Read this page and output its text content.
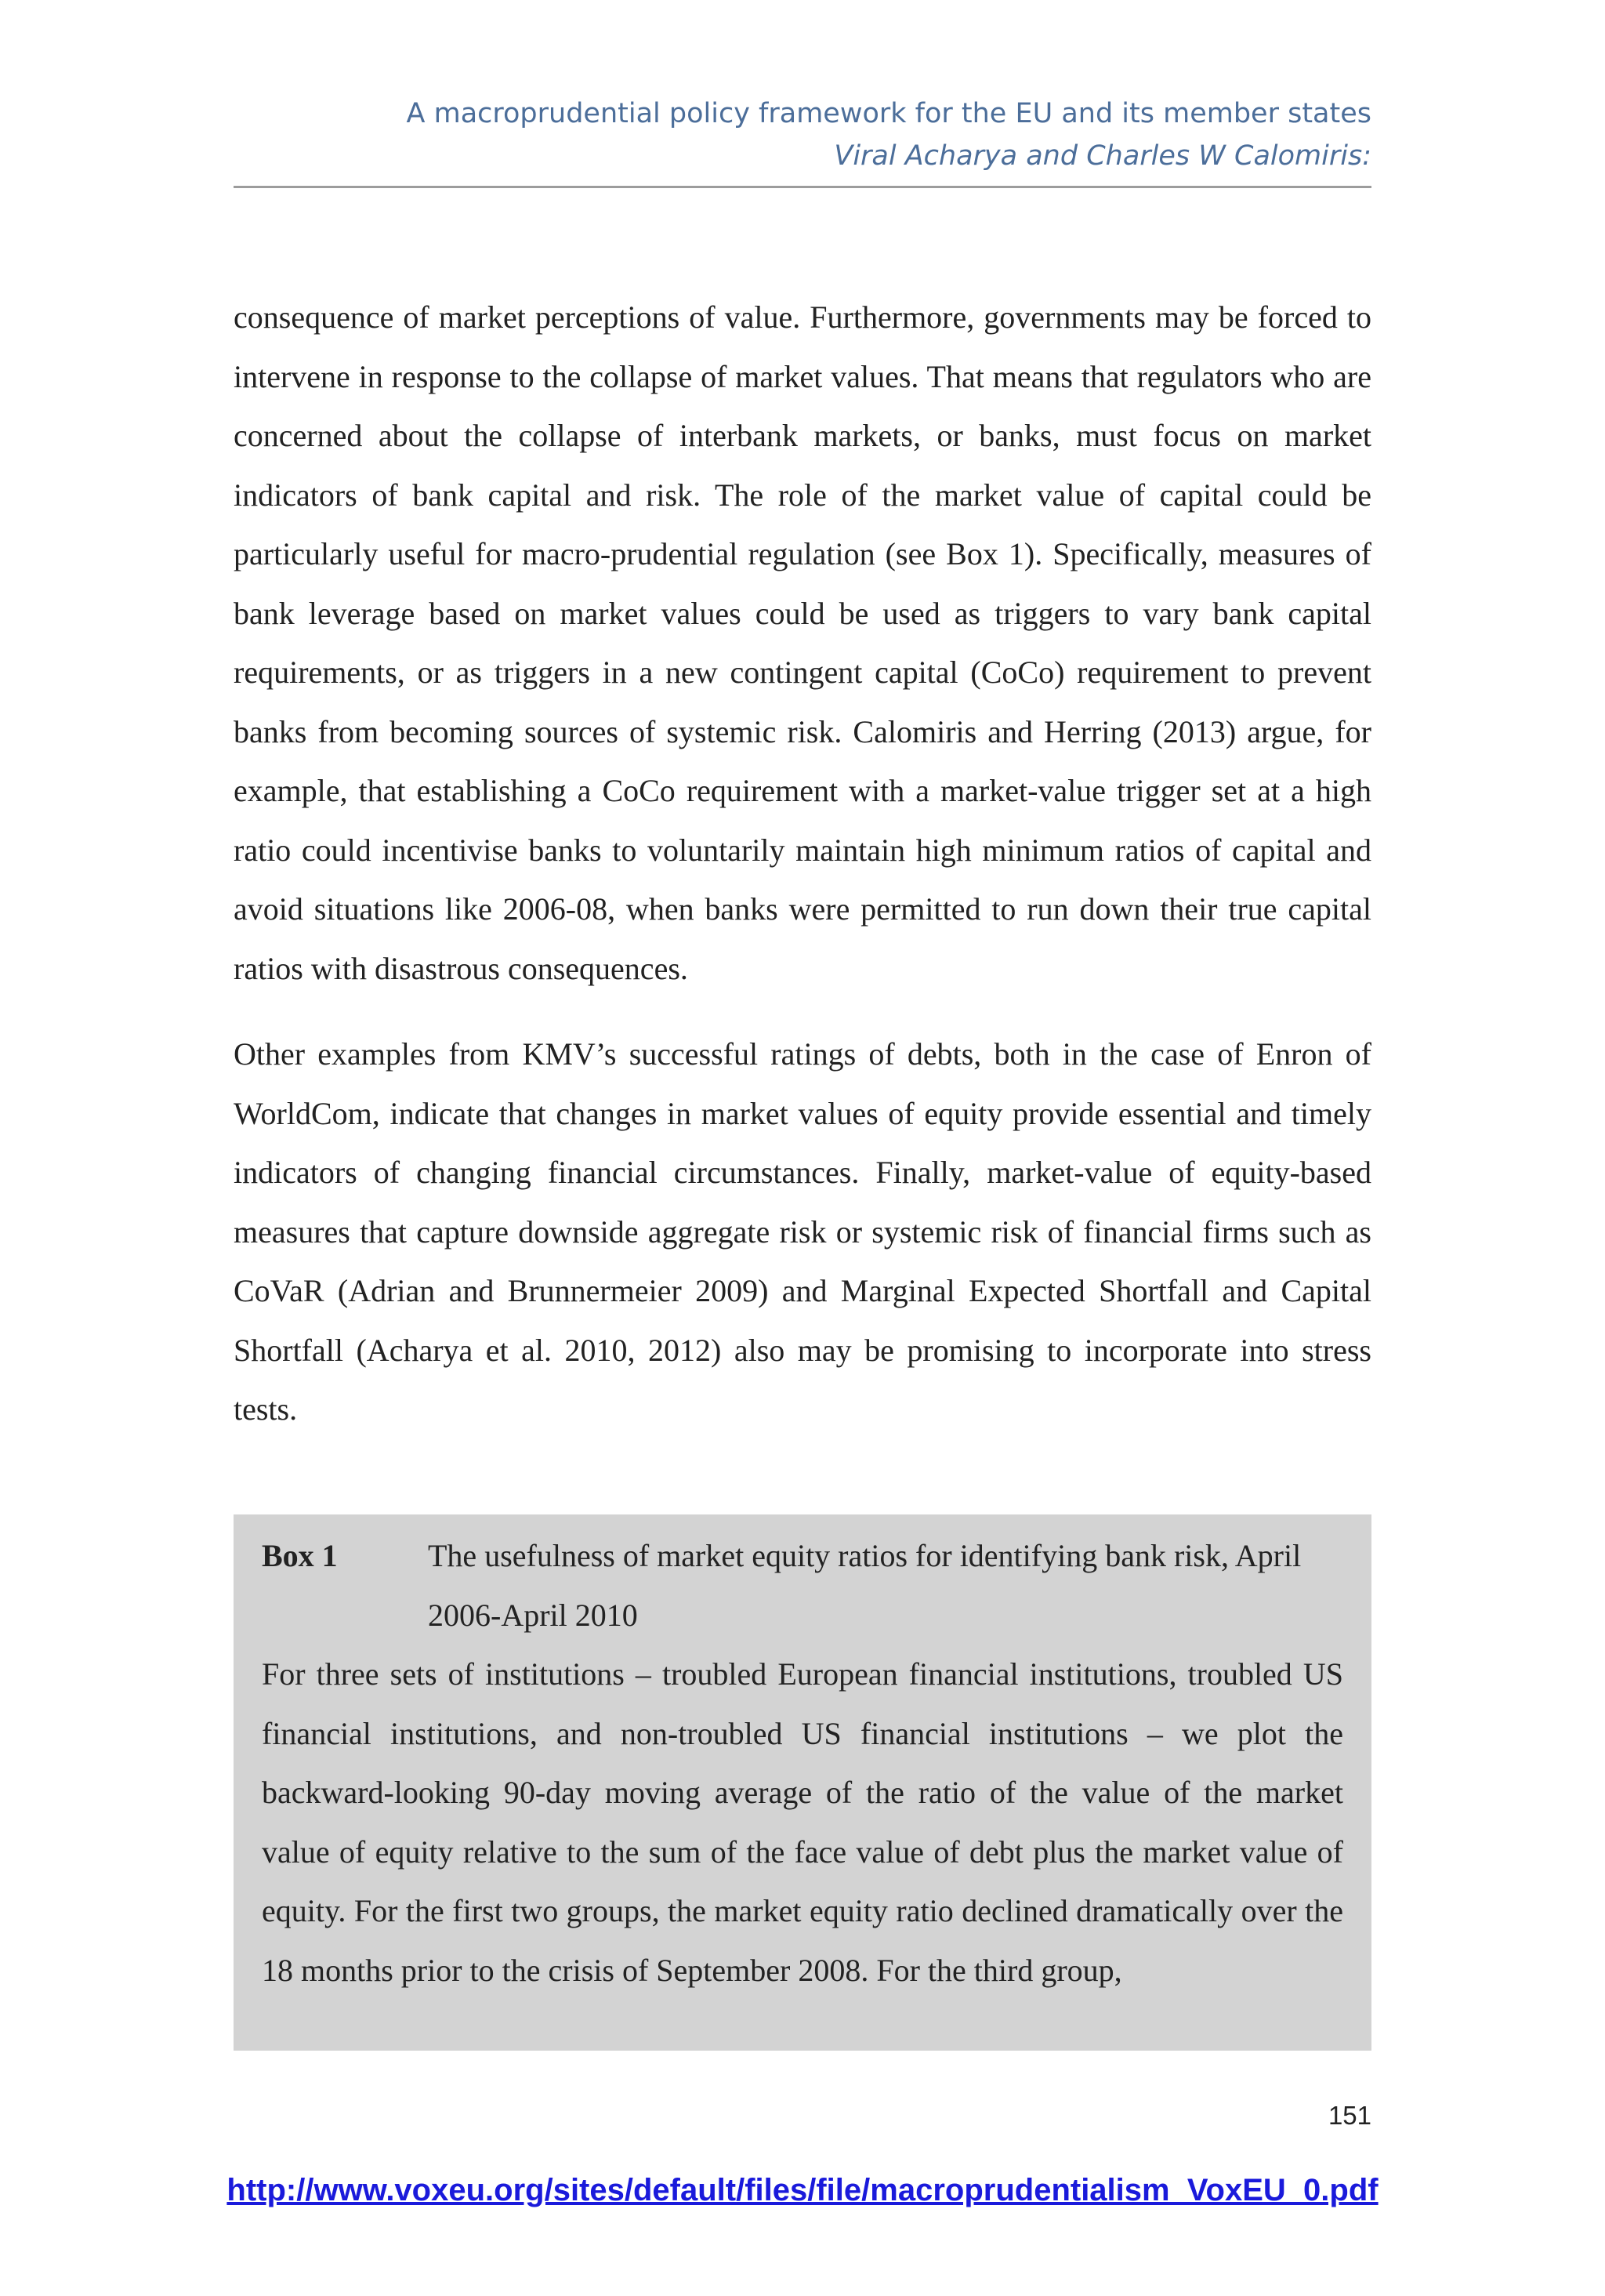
A macroprudential policy framework for the EU and its member states
Viral Acharya and Charles W Calomiris:

consequence of market perceptions of value. Furthermore, governments may be forced to intervene in response to the collapse of market values. That means that regulators who are concerned about the collapse of interbank markets, or banks, must focus on market indicators of bank capital and risk. The role of the market value of capital could be particularly useful for macro-prudential regulation (see Box 1). Specifically, measures of bank leverage based on market values could be used as triggers to vary bank capital requirements, or as triggers in a new contingent capital (CoCo) requirement to prevent banks from becoming sources of systemic risk. Calomiris and Herring (2013) argue, for example, that establishing a CoCo requirement with a market-value trigger set at a high ratio could incentivise banks to voluntarily maintain high minimum ratios of capital and avoid situations like 2006-08, when banks were permitted to run down their true capital ratios with disastrous consequences.

Other examples from KMV’s successful ratings of debts, both in the case of Enron of WorldCom, indicate that changes in market values of equity provide essential and timely indicators of changing financial circumstances. Finally, market-value of equity-based measures that capture downside aggregate risk or systemic risk of financial firms such as CoVaR (Adrian and Brunnermeier 2009) and Marginal Expected Shortfall and Capital Shortfall (Acharya et al. 2010, 2012) also may be promising to incorporate into stress tests.

Box 1	The usefulness of market equity ratios for identifying bank risk, April 2006-April 2010

For three sets of institutions – troubled European financial institutions, troubled US financial institutions, and non-troubled US financial institutions – we plot the backward-looking 90-day moving average of the ratio of the value of the market value of equity relative to the sum of the face value of debt plus the market value of equity. For the first two groups, the market equity ratio declined dramatically over the 18 months prior to the crisis of September 2008. For the third group,

151
http://www.voxeu.org/sites/default/files/file/macroprudentialism_VoxEU_0.pdf
